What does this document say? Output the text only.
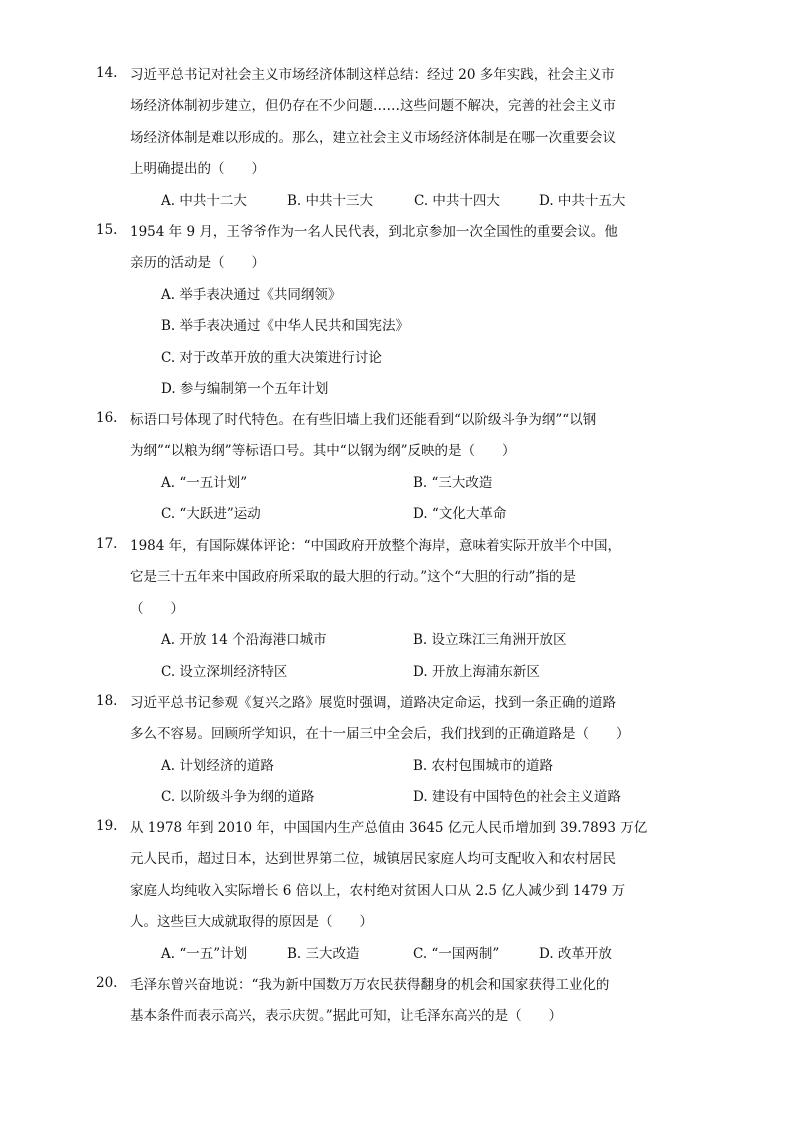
14. 习近平总书记对社会主义市场经济体制这样总结：经过 20 多年实践，社会主义市
场经济体制初步建立，但仍存在不少问题……这些问题不解决，完善的社会主义市
场经济体制是难以形成的。那么，建立社会主义市场经济体制是在哪一次重要会议
上明确提出的（　　）
A. 中共十二大	B. 中共十三大	C. 中共十四大	D. 中共十五大
15. 1954 年 9 月，王爷爷作为一名人民代表，到北京参加一次全国性的重要会议。他
亲历的活动是（　　）
A. 举手表决通过《共同纲领》
B. 举手表决通过《中华人民共和国宪法》
C. 对于改革开放的重大决策进行讨论
D. 参与编制第一个五年计划
16. 标语口号体现了时代特色。在有些旧墙上我们还能看到“以阶级斗争为纲”“以钢
为纲”“以粮为纲”等标语口号。其中“以钢为纲”反映的是（　　）
A. “一五计划”	B. “三大改造
C. “大跃进”运动	D. “文化大革命
17. 1984 年，有国际媒体评论：“中国政府开放整个海岸，意味着实际开放半个中国，
它是三十五年来中国政府所采取的最大胆的行动。”这个“大胆的行动”指的是
（　　）
A. 开放 14 个沿海港口城市	B. 设立珠江三角洲开放区
C. 设立深圳经济特区	D. 开放上海浦东新区
18. 习近平总书记参观《复兴之路》展览时强调，道路决定命运，找到一条正确的道路
多么不容易。回顾所学知识，在十一届三中全会后，我们找到的正确道路是（　　）
A. 计划经济的道路	B. 农村包围城市的道路
C. 以阶级斗争为纲的道路	D. 建设有中国特色的社会主义道路
19. 从 1978 年到 2010 年，中国国内生产总值由 3645 亿元人民币增加到 39.7893 万亿
元人民币，超过日本，达到世界第二位，城镇居民家庭人均可支配收入和农村居民
家庭人均纯收入实际增长 6 倍以上，农村绝对贫困人口从 2.5 亿人减少到 1479 万
人。这些巨大成就取得的原因是（　　）
A. “一五”计划	B. 三大改造	C. “一国两制”	D. 改革开放
20. 毛泽东曾兴奋地说：“我为新中国数万万农民获得翻身的机会和国家获得工业化的
基本条件而表示高兴，表示庆贺。”据此可知，让毛泽东高兴的是（　　）
